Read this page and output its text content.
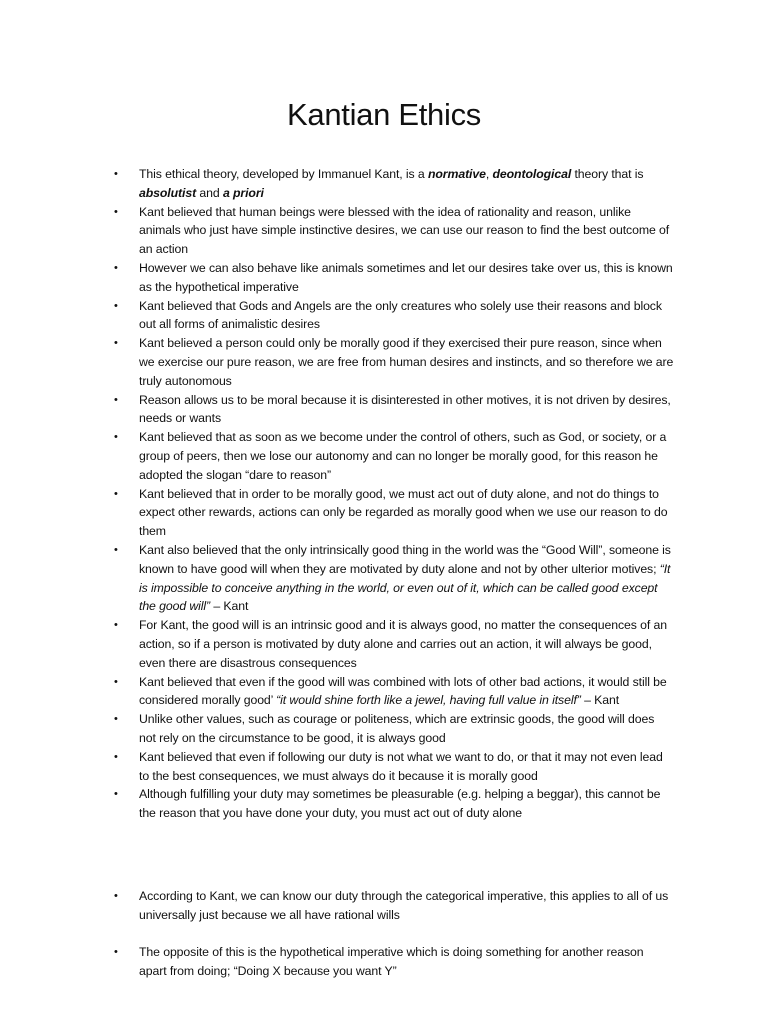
Kantian Ethics
• This ethical theory, developed by Immanuel Kant, is a normative, deontological theory that is absolutist and a priori
• Kant believed that human beings were blessed with the idea of rationality and reason, unlike animals who just have simple instinctive desires, we can use our reason to find the best outcome of an action
• However we can also behave like animals sometimes and let our desires take over us, this is known as the hypothetical imperative
• Kant believed that Gods and Angels are the only creatures who solely use their reasons and block out all forms of animalistic desires
• Kant believed a person could only be morally good if they exercised their pure reason, since when we exercise our pure reason, we are free from human desires and instincts, and so therefore we are truly autonomous
• Reason allows us to be moral because it is disinterested in other motives, it is not driven by desires, needs or wants
• Kant believed that as soon as we become under the control of others, such as God, or society, or a group of peers, then we lose our autonomy and can no longer be morally good, for this reason he adopted the slogan “dare to reason”
• Kant believed that in order to be morally good, we must act out of duty alone, and not do things to expect other rewards, actions can only be regarded as morally good when we use our reason to do them
• Kant also believed that the only intrinsically good thing in the world was the “Good Will”, someone is known to have good will when they are motivated by duty alone and not by other ulterior motives; “It is impossible to conceive anything in the world, or even out of it, which can be called good except the good will” – Kant
• For Kant, the good will is an intrinsic good and it is always good, no matter the consequences of an action, so if a person is motivated by duty alone and carries out an action, it will always be good, even there are disastrous consequences
• Kant believed that even if the good will was combined with lots of other bad actions, it would still be considered morally good’ “it would shine forth like a jewel, having full value in itself” – Kant
• Unlike other values, such as courage or politeness, which are extrinsic goods, the good will does not rely on the circumstance to be good, it is always good
• Kant believed that even if following our duty is not what we want to do, or that it may not even lead to the best consequences, we must always do it because it is morally good
• Although fulfilling your duty may sometimes be pleasurable (e.g. helping a beggar), this cannot be the reason that you have done your duty, you must act out of duty alone
• According to Kant, we can know our duty through the categorical imperative, this applies to all of us universally just because we all have rational wills
• The opposite of this is the hypothetical imperative which is doing something for another reason apart from doing; “Doing X because you want Y”
